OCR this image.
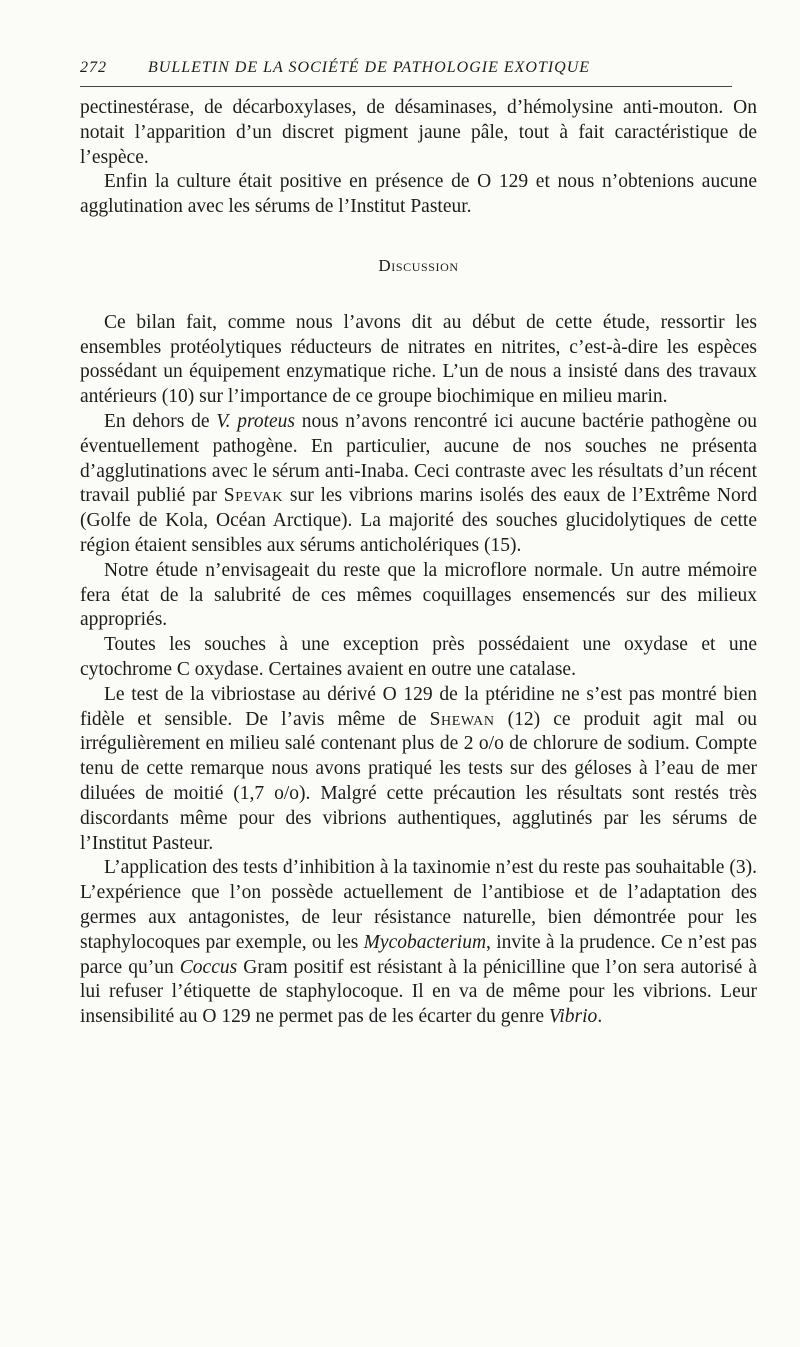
272	BULLETIN DE LA SOCIÉTÉ DE PATHOLOGIE EXOTIQUE

pectinestérase, de décarboxylases, de désaminases, d’hémolysine anti-mouton. On notait l’apparition d’un discret pigment jaune pâle, tout à fait caractéristique de l’espèce.

Enfin la culture était positive en présence de O 129 et nous n’obtenions aucune agglutination avec les sérums de l’Institut Pasteur.

Discussion

Ce bilan fait, comme nous l’avons dit au début de cette étude, ressortir les ensembles protéolytiques réducteurs de nitrates en nitrites, c’est-à-dire les espèces possédant un équipement enzymatique riche. L’un de nous a insisté dans des travaux antérieurs (10) sur l’importance de ce groupe biochimique en milieu marin.

En dehors de V. proteus nous n’avons rencontré ici aucune bactérie pathogène ou éventuellement pathogène. En particulier, aucune de nos souches ne présenta d’agglutinations avec le sérum anti-Inaba. Ceci contraste avec les résultats d’un récent travail publié par Spevak sur les vibrions marins isolés des eaux de l’Extrême Nord (Golfe de Kola, Océan Arctique). La majorité des souches glucidolytiques de cette région étaient sensibles aux sérums anticholériques (15).

Notre étude n’envisageait du reste que la microflore normale. Un autre mémoire fera état de la salubrité de ces mêmes coquillages ensemencés sur des milieux appropriés.

Toutes les souches à une exception près possédaient une oxydase et une cytochrome C oxydase. Certaines avaient en outre une catalase.

Le test de la vibriostase au dérivé O 129 de la ptéridine ne s’est pas montré bien fidèle et sensible. De l’avis même de Shewan (12) ce produit agit mal ou irrégulièrement en milieu salé contenant plus de 2 o/o de chlorure de sodium. Compte tenu de cette remarque nous avons pratiqué les tests sur des géloses à l’eau de mer diluées de moitié (1,7 o/o). Malgré cette précaution les résultats sont restés très discordants même pour des vibrions authentiques, agglutinés par les sérums de l’Institut Pasteur.

L’application des tests d’inhibition à la taxinomie n’est du reste pas souhaitable (3). L’expérience que l’on possède actuellement de l’antibiose et de l’adaptation des germes aux antagonistes, de leur résistance naturelle, bien démontrée pour les staphylocoques par exemple, ou les Mycobacterium, invite à la prudence. Ce n’est pas parce qu’un Coccus Gram positif est résistant à la pénicilline que l’on sera autorisé à lui refuser l’étiquette de staphylocoque. Il en va de même pour les vibrions. Leur insensibilité au O 129 ne permet pas de les écarter du genre Vibrio.
